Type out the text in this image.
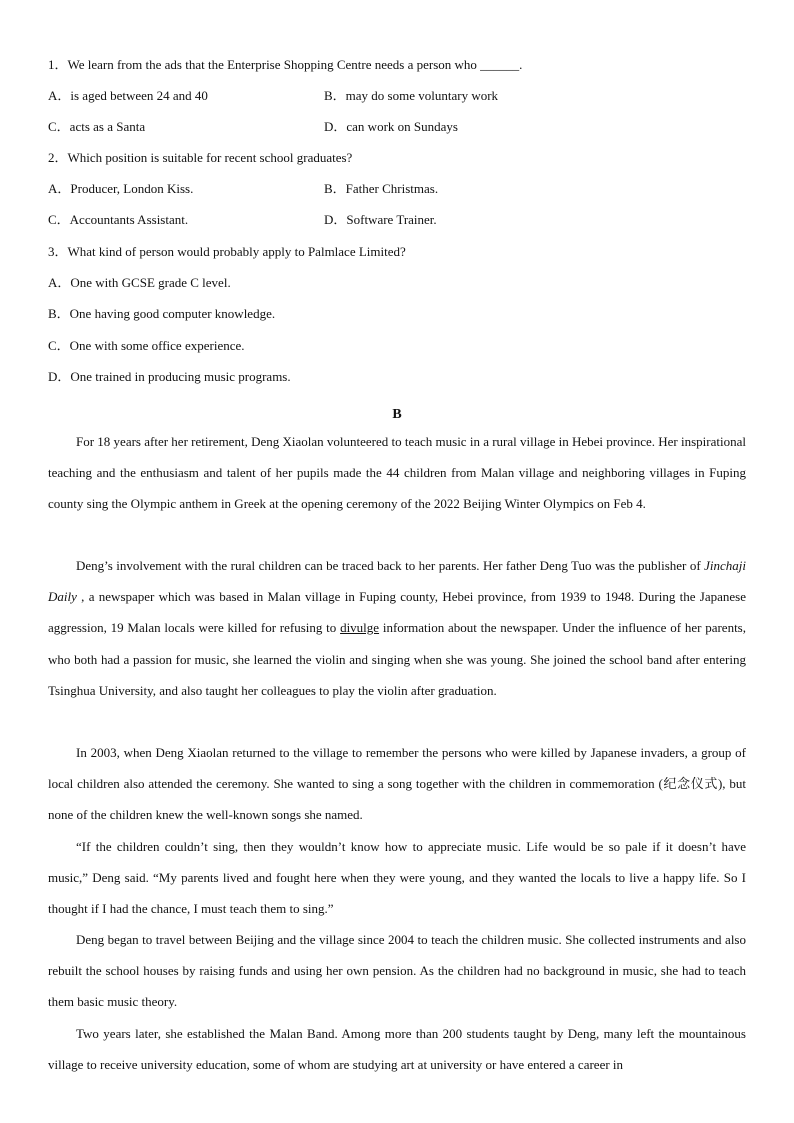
1．We learn from the ads that the Enterprise Shopping Centre needs a person who ______.
A．is aged between 24 and 40	B．may do some voluntary work
C．acts as a Santa	D．can work on Sundays
2．Which position is suitable for recent school graduates?
A．Producer, London Kiss.	B．Father Christmas.
C．Accountants Assistant.	D．Software Trainer.
3．What kind of person would probably apply to Palmlace Limited?
A．One with GCSE grade C level.
B．One having good computer knowledge.
C．One with some office experience.
D．One trained in producing music programs.
B

For 18 years after her retirement, Deng Xiaolan volunteered to teach music in a rural village in Hebei province. Her inspirational teaching and the enthusiasm and talent of her pupils made the 44 children from Malan village and neighboring villages in Fuping county sing the Olympic anthem in Greek at the opening ceremony of the 2022 Beijing Winter Olympics on Feb 4.

Deng’s involvement with the rural children can be traced back to her parents. Her father Deng Tuo was the publisher of Jinchaji Daily , a newspaper which was based in Malan village in Fuping county, Hebei province, from 1939 to 1948. During the Japanese aggression, 19 Malan locals were killed for refusing to divulge information about the newspaper. Under the influence of her parents, who both had a passion for music, she learned the violin and singing when she was young. She joined the school band after entering Tsinghua University, and also taught her colleagues to play the violin after graduation.

In 2003, when Deng Xiaolan returned to the village to remember the persons who were killed by Japanese invaders, a group of local children also attended the ceremony. She wanted to sing a song together with the children in commemoration (纪念仪式), but none of the children knew the well-known songs she named.

“If the children couldn’t sing, then they wouldn’t know how to appreciate music. Life would be so pale if it doesn’t have music,” Deng said. “My parents lived and fought here when they were young, and they wanted the locals to live a happy life. So I thought if I had the chance, I must teach them to sing.”

Deng began to travel between Beijing and the village since 2004 to teach the children music. She collected instruments and also rebuilt the school houses by raising funds and using her own pension. As the children had no background in music, she had to teach them basic music theory.

Two years later, she established the Malan Band. Among more than 200 students taught by Deng, many left the mountainous village to receive university education, some of whom are studying art at university or have entered a career in
